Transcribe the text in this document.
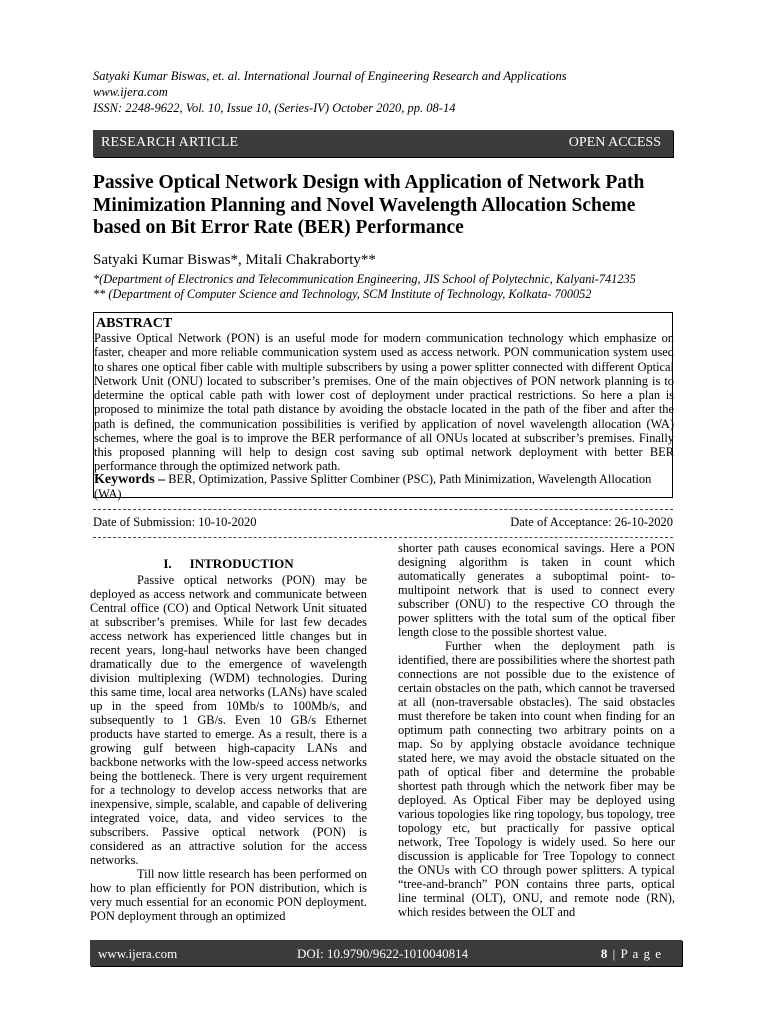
Satyaki Kumar Biswas, et. al. International Journal of Engineering Research and Applications
www.ijera.com
ISSN: 2248-9622, Vol. 10, Issue 10, (Series-IV) October 2020, pp. 08-14
RESEARCH ARTICLE	OPEN ACCESS
Passive Optical Network Design with Application of Network Path Minimization Planning and Novel Wavelength Allocation Scheme based on Bit Error Rate (BER) Performance
Satyaki Kumar Biswas*, Mitali Chakraborty**
*(Department of Electronics and Telecommunication Engineering, JIS School of Polytechnic, Kalyani-741235
** (Department of Computer Science and Technology, SCM Institute of Technology, Kolkata- 700052
ABSTRACT
Passive Optical Network (PON) is an useful mode for modern communication technology which emphasize on faster, cheaper and more reliable communication system used as access network. PON communication system used to shares one optical fiber cable with multiple subscribers by using a power splitter connected with different Optical Network Unit (ONU) located to subscriber’s premises. One of the main objectives of PON network planning is to determine the optical cable path with lower cost of deployment under practical restrictions. So here a plan is proposed to minimize the total path distance by avoiding the obstacle located in the path of the fiber and after the path is defined, the communication possibilities is verified by application of novel wavelength allocation (WA) schemes, where the goal is to improve the BER performance of all ONUs located at subscriber’s premises. Finally this proposed planning will help to design cost saving sub optimal network deployment with better BER performance through the optimized network path.
Keywords – BER, Optimization, Passive Splitter Combiner (PSC), Path Minimization, Wavelength Allocation (WA)
Date of Submission: 10-10-2020	Date of Acceptance: 26-10-2020
I. INTRODUCTION

Passive optical networks (PON) may be deployed as access network and communicate between Central office (CO) and Optical Network Unit situated at subscriber’s premises. While for last few decades access network has experienced little changes but in recent years, long-haul networks have been changed dramatically due to the emergence of wavelength division multiplexing (WDM) technologies. During this same time, local area networks (LANs) have scaled up in the speed from 10Mb/s to 100Mb/s, and subsequently to 1 GB/s. Even 10 GB/s Ethernet products have started to emerge. As a result, there is a growing gulf between high-capacity LANs and backbone networks with the low-speed access networks being the bottleneck. There is very urgent requirement for a technology to develop access networks that are inexpensive, simple, scalable, and capable of delivering integrated voice, data, and video services to the subscribers. Passive optical network (PON) is considered as an attractive solution for the access networks.

Till now little research has been performed on how to plan efficiently for PON distribution, which is very much essential for an economic PON deployment. PON deployment through an optimized

shorter path causes economical savings. Here a PON designing algorithm is taken in count which automatically generates a suboptimal point- to- multipoint network that is used to connect every subscriber (ONU) to the respective CO through the power splitters with the total sum of the optical fiber length close to the possible shortest value.

Further when the deployment path is identified, there are possibilities where the shortest path connections are not possible due to the existence of certain obstacles on the path, which cannot be traversed at all (non-traversable obstacles). The said obstacles must therefore be taken into count when finding for an optimum path connecting two arbitrary points on a map. So by applying obstacle avoidance technique stated here, we may avoid the obstacle situated on the path of optical fiber and determine the probable shortest path through which the network fiber may be deployed. As Optical Fiber may be deployed using various topologies like ring topology, bus topology, tree topology etc, but practically for passive optical network, Tree Topology is widely used. So here our discussion is applicable for Tree Topology to connect the ONUs with CO through power splitters. A typical “tree-and-branch” PON contains three parts, optical line terminal (OLT), ONU, and remote node (RN), which resides between the OLT and

www.ijera.com	DOI: 10.9790/9622-1010040814	8 | P a g e
